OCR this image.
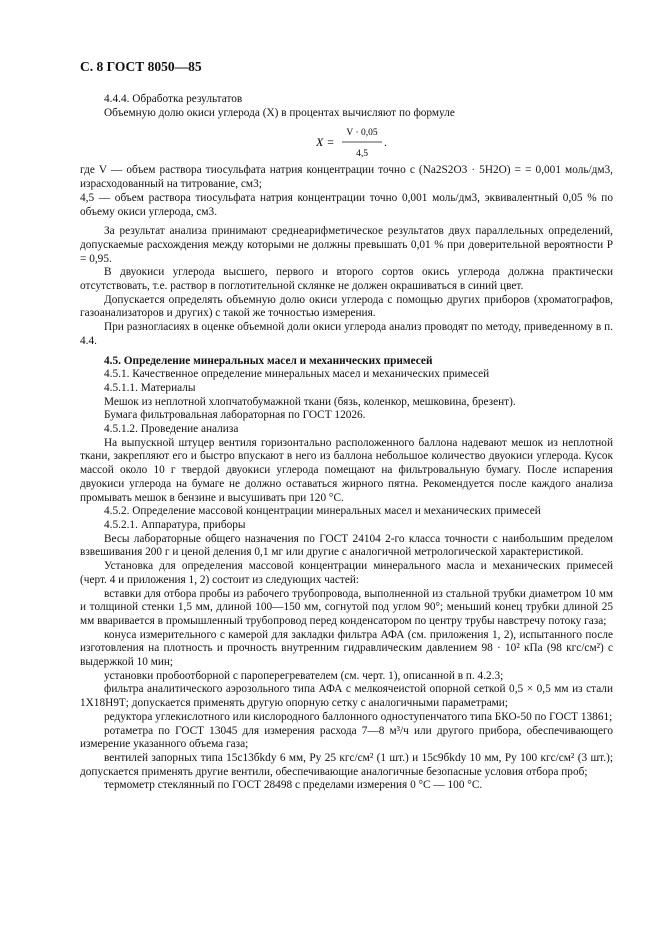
С. 8 ГОСТ 8050—85

4.4.4. Обработка результатов

Объемную долю окиси углерода (X) в процентах вычисляют по формуле

X =
V · 0,05
4,5
.

где V — объем раствора тиосульфата натрия концентрации точно c (Na2S2O3 · 5H2O) = = 0,001 моль/дм3, израсходованный на титрование, см3;

4,5 — объем раствора тиосульфата натрия концентрации точно 0,001 моль/дм3, эквивалентный 0,05 % по объему окиси углерода, см3.

За результат анализа принимают среднеарифметическое результатов двух параллельных определений, допускаемые расхождения между которыми не должны превышать 0,01 % при доверительной вероятности P = 0,95.

В двуокиси углерода высшего, первого и второго сортов окись углерода должна практически отсутствовать, т.е. раствор в поглотительной склянке не должен окрашиваться в синий цвет.

Допускается определять объемную долю окиси углерода с помощью других приборов (хроматографов, газоанализаторов и других) с такой же точностью измерения.

При разногласиях в оценке объемной доли окиси углерода анализ проводят по методу, приведенному в п. 4.4.

4.5. Определение минеральных масел и механических примесей

4.5.1. Качественное определение минеральных масел и механических примесей

4.5.1.1. Материалы

Мешок из неплотной хлопчатобумажной ткани (бязь, коленкор, мешковина, брезент).

Бумага фильтровальная лабораторная по ГОСТ 12026.

4.5.1.2. Проведение анализа

На выпускной штуцер вентиля горизонтально расположенного баллона надевают мешок из неплотной ткани, закрепляют его и быстро впускают в него из баллона небольшое количество двуокиси углерода. Кусок массой около 10 г твердой двуокиси углерода помещают на фильтровальную бумагу. После испарения двуокиси углерода на бумаге не должно оставаться жирного пятна. Рекомендуется после каждого анализа промывать мешок в бензине и высушивать при 120 °С.

4.5.2. Определение массовой концентрации минеральных масел и механических примесей

4.5.2.1. Аппаратура, приборы

Весы лабораторные общего назначения по ГОСТ 24104 2-го класса точности с наибольшим пределом взвешивания 200 г и ценой деления 0,1 мг или другие с аналогичной метрологической характеристикой.

Установка для определения массовой концентрации минерального масла и механических примесей (черт. 4 и приложения 1, 2) состоит из следующих частей:

вставки для отбора пробы из рабочего трубопровода, выполненной из стальной трубки диаметром 10 мм и толщиной стенки 1,5 мм, длиной 100—150 мм, согнутой под углом 90°; меньший конец трубки длиной 25 мм вваривается в промышленный трубопровод перед конденсатором по центру трубы навстречу потоку газа;

конуса измерительного с камерой для закладки фильтра АФА (см. приложения 1, 2), испытанного после изготовления на плотность и прочность внутренним гидравлическим давлением 98 · 10² кПа (98 кгс/см²) с выдержкой 10 мин;

установки пробоотборной с пароперегревателем (см. черт. 1), описанной в п. 4.2.3;

фильтра аналитического аэрозольного типа АФА с мелкоячеистой опорной сеткой 0,5 × 0,5 мм из стали 1Х18Н9Т; допускается применять другую опорную сетку с аналогичными параметрами;

редуктора углекислотного или кислородного баллонного одноступенчатого типа БКО-50 по ГОСТ 13861;

ротаметра по ГОСТ 13045 для измерения расхода 7—8 м³/ч или другого прибора, обеспечивающего измерение указанного объема газа;

вентилей запорных типа 15с13бkdу 6 мм, Pу 25 кгс/см² (1 шт.) и 15с9бkdу 10 мм, Pу 100 кгс/см² (3 шт.); допускается применять другие вентили, обеспечивающие аналогичные безопасные условия отбора проб;

термометр стеклянный по ГОСТ 28498 с пределами измерения 0 °С — 100 °С.
